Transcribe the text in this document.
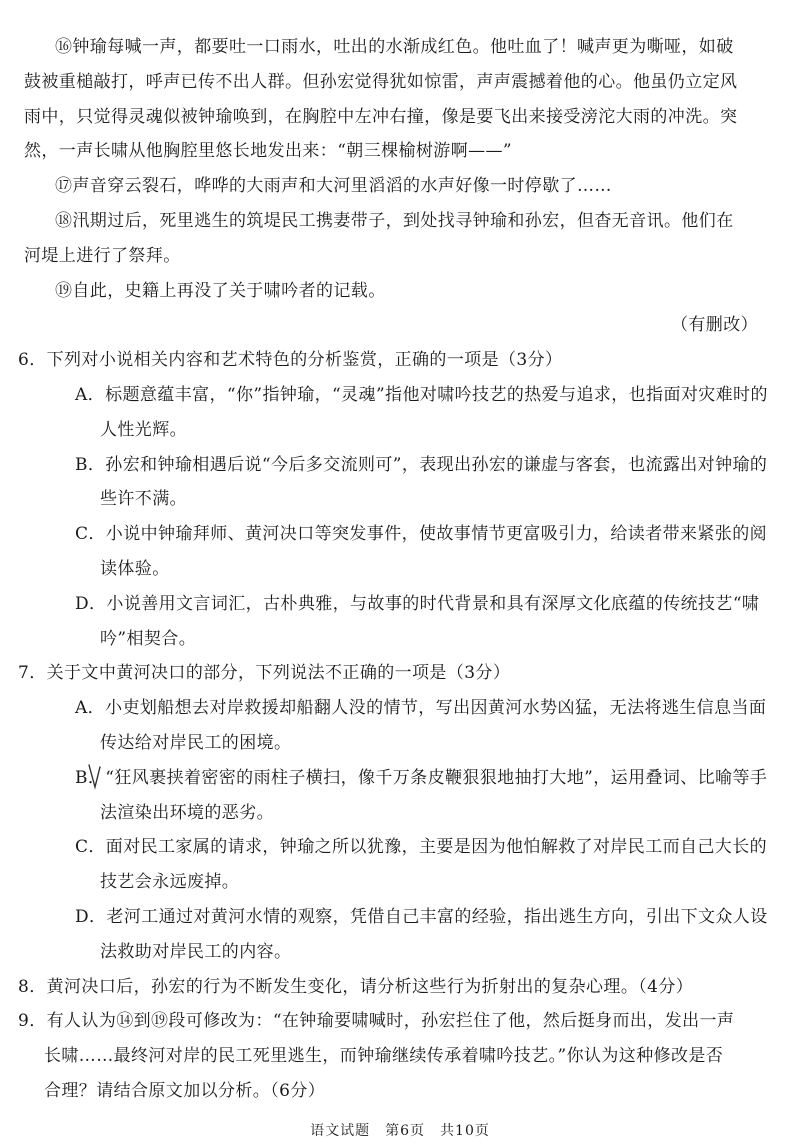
⑯钟瑜每喊一声，都要吐一口雨水，吐出的水渐成红色。他吐血了！喊声更为嘶哑，如破
鼓被重槌敲打，呼声已传不出人群。但孙宏觉得犹如惊雷，声声震撼着他的心。他虽仍立定风
雨中，只觉得灵魂似被钟瑜唤到，在胸腔中左冲右撞，像是要飞出来接受滂沱大雨的冲洗。突
然，一声长啸从他胸腔里悠长地发出来：“朝三棵榆树游啊——”
⑰声音穿云裂石，哗哗的大雨声和大河里滔滔的水声好像一时停歇了……
⑱汛期过后，死里逃生的筑堤民工携妻带子，到处找寻钟瑜和孙宏，但杳无音讯。他们在
河堤上进行了祭拜。
⑲自此，史籍上再没了关于啸吟者的记载。
（有删改）
6．下列对小说相关内容和艺术特色的分析鉴赏，正确的一项是（3分）
A．标题意蕴丰富，“你”指钟瑜，“灵魂”指他对啸吟技艺的热爱与追求，也指面对灾难时的
人性光辉。
B．孙宏和钟瑜相遇后说“今后多交流则可”，表现出孙宏的谦虚与客套，也流露出对钟瑜的
些许不满。
C．小说中钟瑜拜师、黄河决口等突发事件，使故事情节更富吸引力，给读者带来紧张的阅
读体验。
D．小说善用文言词汇，古朴典雅，与故事的时代背景和具有深厚文化底蕴的传统技艺“啸
吟”相契合。
7．关于文中黄河决口的部分，下列说法不正确的一项是（3分）
A．小吏划船想去对岸救援却船翻人没的情节，写出因黄河水势凶猛，无法将逃生信息当面
传达给对岸民工的困境。
B．“狂风裹挟着密密的雨柱子横扫，像千万条皮鞭狠狠地抽打大地”，运用叠词、比喻等手
法渲染出环境的恶劣。
C．面对民工家属的请求，钟瑜之所以犹豫，主要是因为他怕解救了对岸民工而自己大长的
技艺会永远废掉。
D．老河工通过对黄河水情的观察，凭借自己丰富的经验，指出逃生方向，引出下文众人设
法救助对岸民工的内容。
8．黄河决口后，孙宏的行为不断发生变化，请分析这些行为折射出的复杂心理。（4分）
9．有人认为⑭到⑲段可修改为：“在钟瑜要啸喊时，孙宏拦住了他，然后挺身而出，发出一声
长啸……最终河对岸的民工死里逃生，而钟瑜继续传承着啸吟技艺。”你认为这种修改是否
合理？请结合原文加以分析。（6分）
语文试题　第6页　共10页
